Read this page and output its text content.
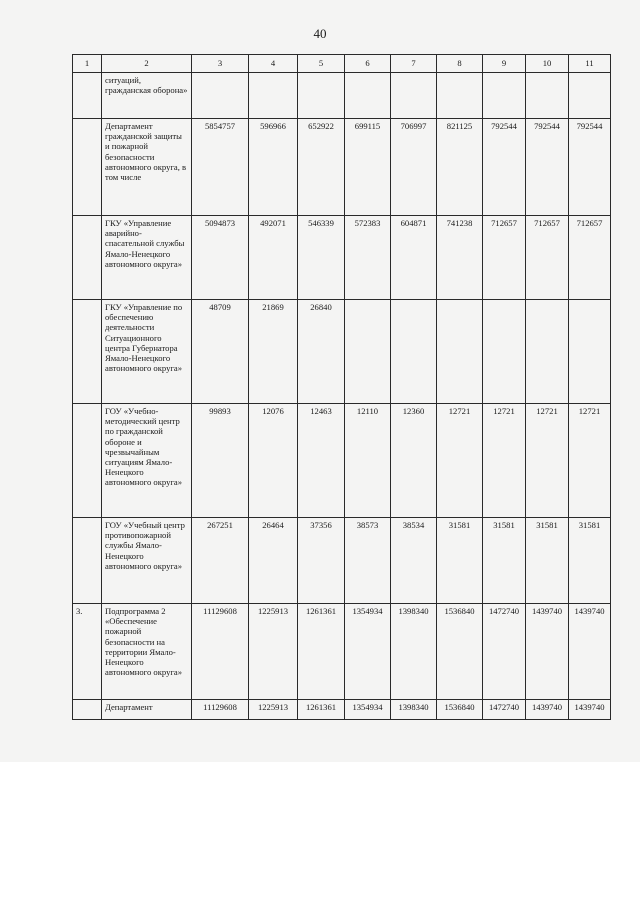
40
1	2	3	4	5	6	7	8	9	10	11
	ситуаций, гражданская оборона»									
	Департамент гражданской защиты и пожарной безопасности автономного округа, в том числе	5854757	596966	652922	699115	706997	821125	792544	792544	792544
	ГКУ «Управление аварийно-спасательной службы Ямало-Ненецкого автономного округа»	5094873	492071	546339	572383	604871	741238	712657	712657	712657
	ГКУ «Управление по обеспечению деятельности Ситуационного центра Губернатора Ямало-Ненецкого автономного округа»	48709	21869	26840						
	ГОУ «Учебно-методический центр по гражданской обороне и чрезвычайным ситуациям Ямало-Ненецкого автономного округа»	99893	12076	12463	12110	12360	12721	12721	12721	12721
	ГОУ «Учебный центр противопожарной службы Ямало-Ненецкого автономного округа»	267251	26464	37356	38573	38534	31581	31581	31581	31581
3.	Подпрограмма 2 «Обеспечение пожарной безопасности на территории Ямало-Ненецкого автономного округа»	11129608	1225913	1261361	1354934	1398340	1536840	1472740	1439740	1439740
	Департамент	11129608	1225913	1261361	1354934	1398340	1536840	1472740	1439740	1439740
